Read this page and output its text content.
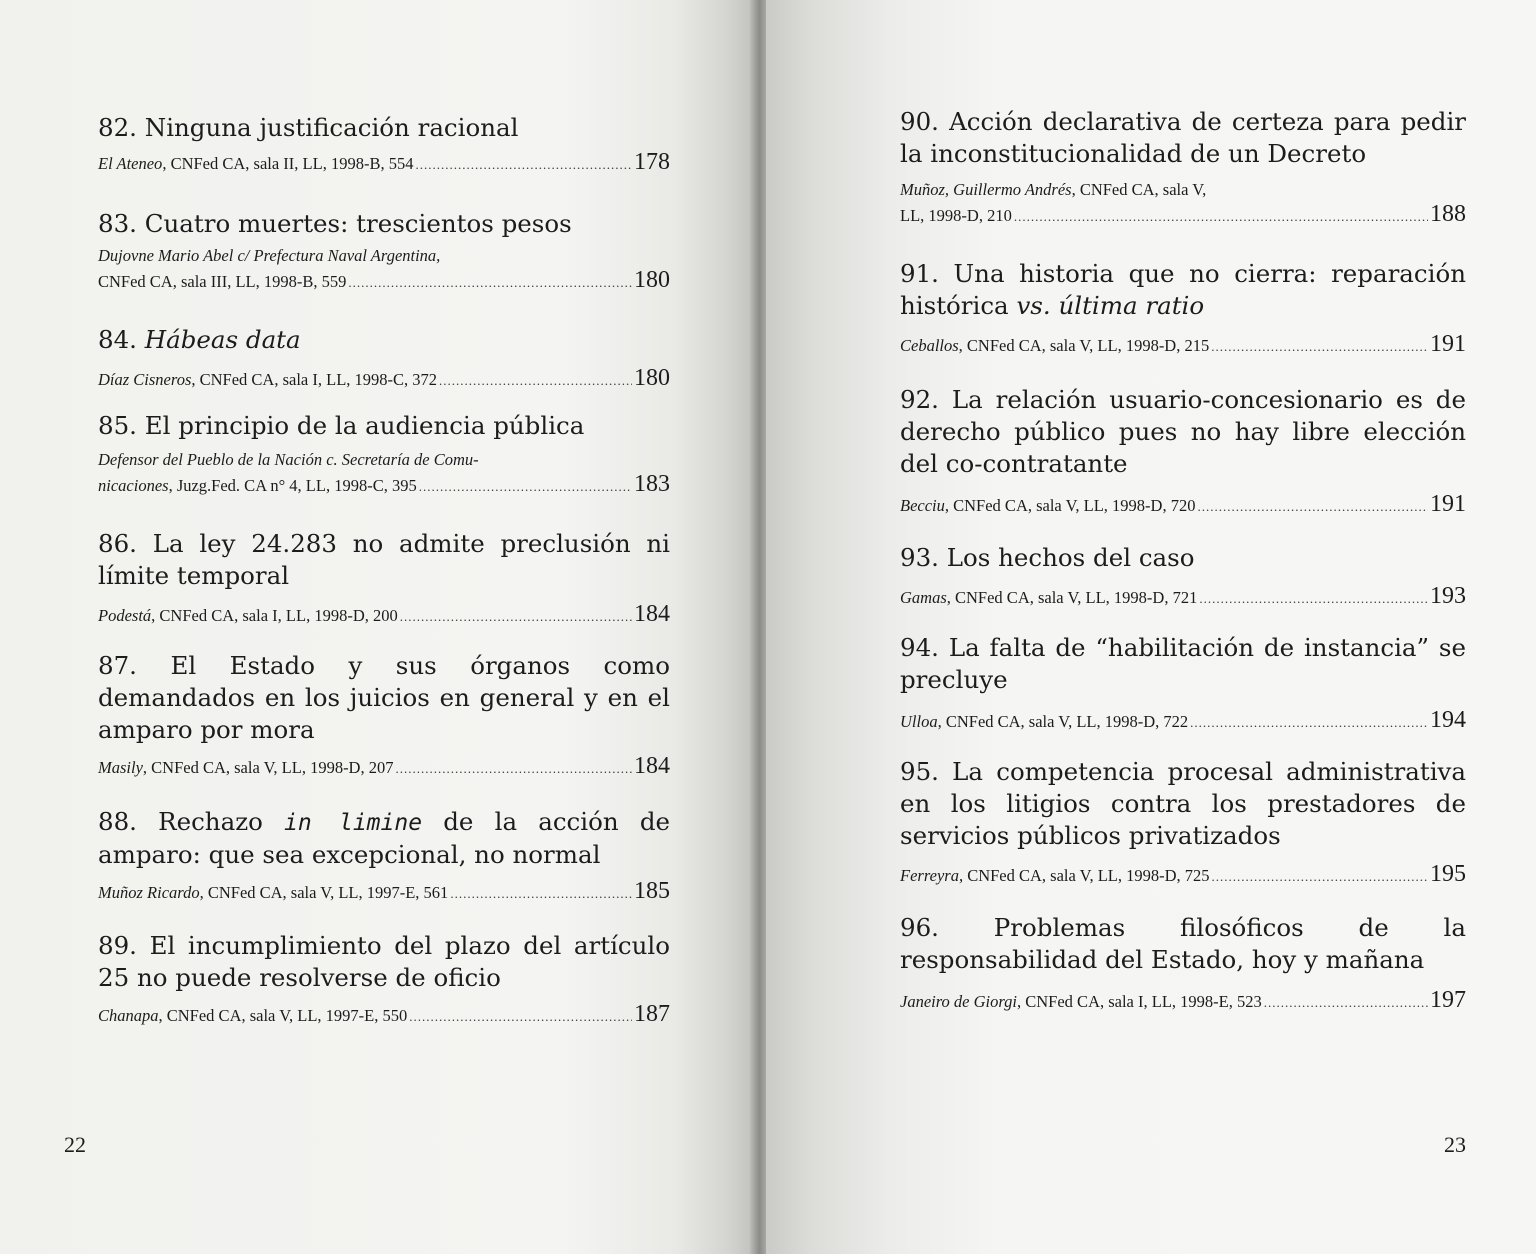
82. Ninguna justificación racional

El Ateneo , CNFed CA, sala II, LL, 1998-B, 554 .....	178

83. Cuatro muertes: trescientos pesos

Dujovne Mario Abel c/ Prefectura Naval Argentina,

CNFed CA, sala III, LL, 1998-B, 559 .....	180

84. Hábeas data

Díaz Cisneros , CNFed CA, sala I, LL, 1998-C, 372 .....	180

85. El principio de la audiencia pública

Defensor del Pueblo de la Nación c. Secretaría de Comu-

nicaciones , Juzg.Fed. CA n° 4, LL, 1998-C, 395 .....	183

86. La ley 24.283 no admite preclusión ni límite temporal

Podestá , CNFed CA, sala I, LL, 1998-D, 200 .....	184

87. El Estado y sus órganos como demandados en los juicios en general y en el amparo por mora

Masily , CNFed CA, sala V, LL, 1998-D, 207 .....	184

88. Rechazo in limine de la acción de amparo: que sea excepcional, no normal

Muñoz Ricardo , CNFed CA, sala V, LL, 1997-E, 561 .....	185

89. El incumplimiento del plazo del artículo 25 no puede resolverse de oficio

Chanapa , CNFed CA, sala V, LL, 1997-E, 550 .....	187

22

90. Acción declarativa de certeza para pedir la inconstitucionalidad de un Decreto

Muñoz, Guillermo Andrés, CNFed CA, sala V,

LL, 1998-D, 210 .....	188

91. Una historia que no cierra: reparación histórica vs. última ratio

Ceballos , CNFed CA, sala V, LL, 1998-D, 215 .....	191

92. La relación usuario-concesionario es de derecho público pues no hay libre elección del co-contratante

Becciu , CNFed CA, sala V, LL, 1998-D, 720 .....	191

93. Los hechos del caso

Gamas , CNFed CA, sala V, LL, 1998-D, 721 .....	193

94. La falta de “habilitación de instancia” se precluye

Ulloa , CNFed CA, sala V, LL, 1998-D, 722 .....	194

95. La competencia procesal administrativa en los litigios contra los prestadores de servicios públicos privatizados

Ferreyra , CNFed CA, sala V, LL, 1998-D, 725 .....	195

96. Problemas filosóficos de la responsabilidad del Estado, hoy y mañana

Janeiro de Giorgi , CNFed CA, sala I, LL, 1998-E, 523 .....	197

23
